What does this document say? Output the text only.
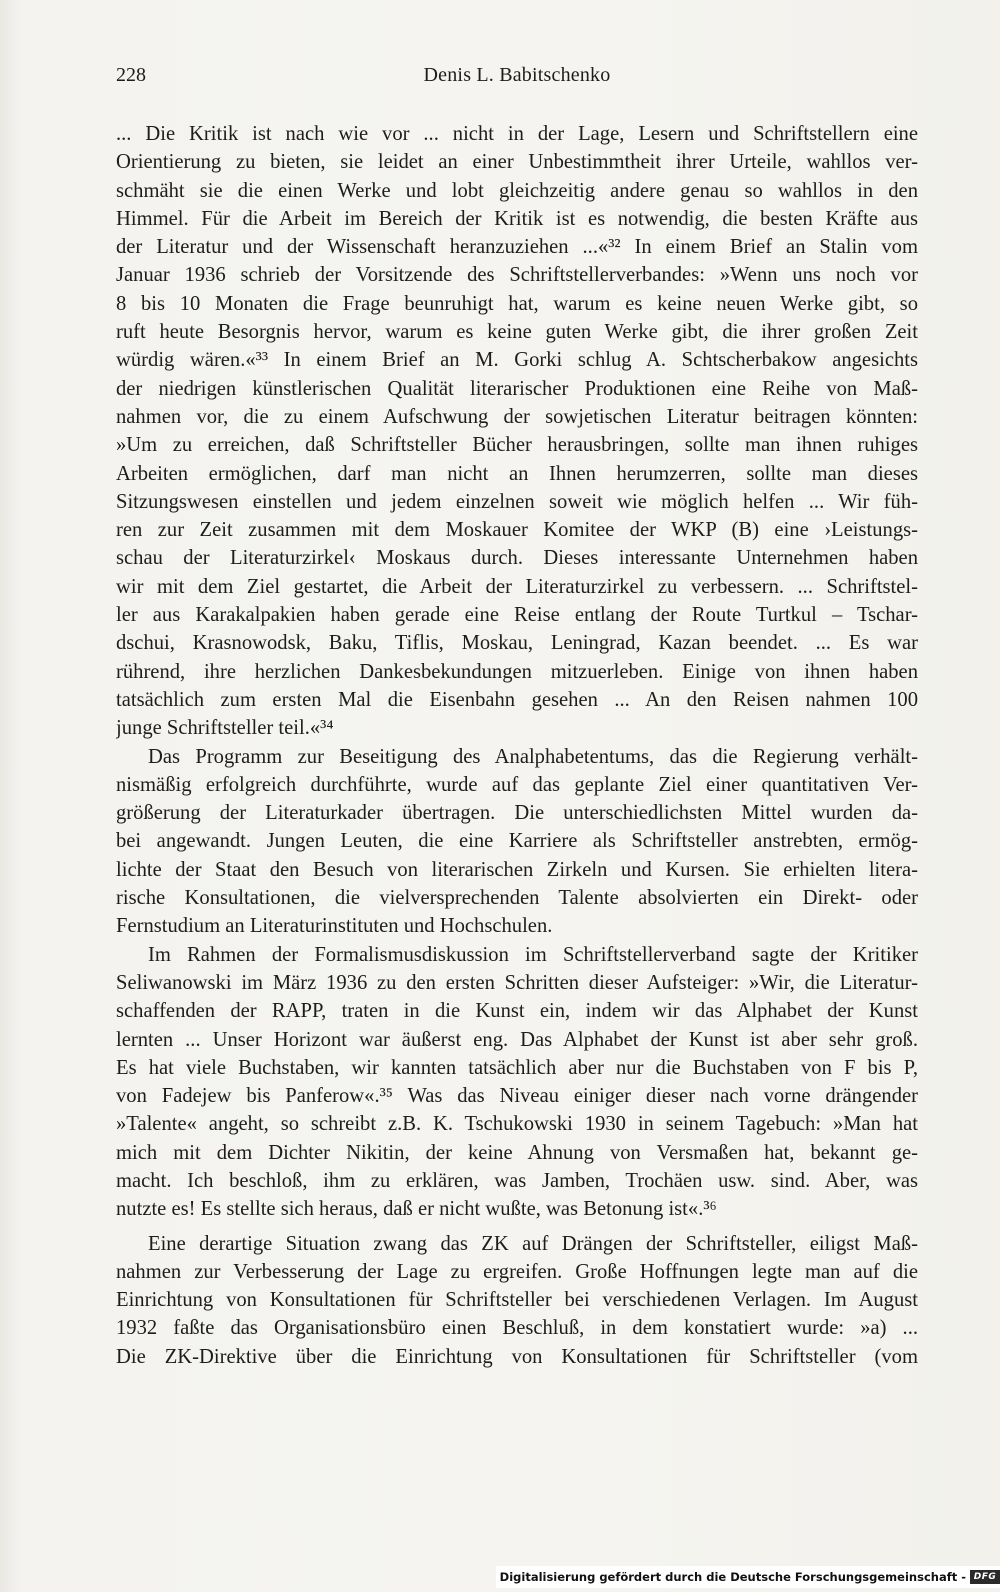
228	Denis L. Babitschenko
... Die Kritik ist nach wie vor ... nicht in der Lage, Lesern und Schriftstellern eine
Orientierung zu bieten, sie leidet an einer Unbestimmtheit ihrer Urteile, wahllos ver-
schmäht sie die einen Werke und lobt gleichzeitig andere genau so wahllos in den
Himmel. Für die Arbeit im Bereich der Kritik ist es notwendig, die besten Kräfte aus
der Literatur und der Wissenschaft heranzuziehen ...«³² In einem Brief an Stalin vom
Januar 1936 schrieb der Vorsitzende des Schriftstellerverbandes: »Wenn uns noch vor
8 bis 10 Monaten die Frage beunruhigt hat, warum es keine neuen Werke gibt, so
ruft heute Besorgnis hervor, warum es keine guten Werke gibt, die ihrer großen Zeit
würdig wären.«³³ In einem Brief an M. Gorki schlug A. Schtscherbakow angesichts
der niedrigen künstlerischen Qualität literarischer Produktionen eine Reihe von Maß-
nahmen vor, die zu einem Aufschwung der sowjetischen Literatur beitragen könnten:
»Um zu erreichen, daß Schriftsteller Bücher herausbringen, sollte man ihnen ruhiges
Arbeiten ermöglichen, darf man nicht an Ihnen herumzerren, sollte man dieses
Sitzungswesen einstellen und jedem einzelnen soweit wie möglich helfen ... Wir füh-
ren zur Zeit zusammen mit dem Moskauer Komitee der WKP (B) eine ›Leistungs-
schau der Literaturzirkel‹ Moskaus durch. Dieses interessante Unternehmen haben
wir mit dem Ziel gestartet, die Arbeit der Literaturzirkel zu verbessern. ... Schriftstel-
ler aus Karakalpakien haben gerade eine Reise entlang der Route Turtkul – Tschar-
dschui, Krasnowodsk, Baku, Tiflis, Moskau, Leningrad, Kazan beendet. ... Es war
rührend, ihre herzlichen Dankesbekundungen mitzuerleben. Einige von ihnen haben
tatsächlich zum ersten Mal die Eisenbahn gesehen ... An den Reisen nahmen 100
junge Schriftsteller teil.«³⁴
Das Programm zur Beseitigung des Analphabetentums, das die Regierung verhält-
nismäßig erfolgreich durchführte, wurde auf das geplante Ziel einer quantitativen Ver-
größerung der Literaturkader übertragen. Die unterschiedlichsten Mittel wurden da-
bei angewandt. Jungen Leuten, die eine Karriere als Schriftsteller anstrebten, ermög-
lichte der Staat den Besuch von literarischen Zirkeln und Kursen. Sie erhielten litera-
rische Konsultationen, die vielversprechenden Talente absolvierten ein Direkt- oder
Fernstudium an Literaturinstituten und Hochschulen.
Im Rahmen der Formalismusdiskussion im Schriftstellerverband sagte der Kritiker
Seliwanowski im März 1936 zu den ersten Schritten dieser Aufsteiger: »Wir, die Literatur-
schaffenden der RAPP, traten in die Kunst ein, indem wir das Alphabet der Kunst
lernten ... Unser Horizont war äußerst eng. Das Alphabet der Kunst ist aber sehr groß.
Es hat viele Buchstaben, wir kannten tatsächlich aber nur die Buchstaben von F bis P,
von Fadejew bis Panferow«.³⁵ Was das Niveau einiger dieser nach vorne drängender
»Talente« angeht, so schreibt z.B. K. Tschukowski 1930 in seinem Tagebuch: »Man hat
mich mit dem Dichter Nikitin, der keine Ahnung von Versmaßen hat, bekannt ge-
macht. Ich beschloß, ihm zu erklären, was Jamben, Trochäen usw. sind. Aber, was
nutzte es! Es stellte sich heraus, daß er nicht wußte, was Betonung ist«.³⁶
Eine derartige Situation zwang das ZK auf Drängen der Schriftsteller, eiligst Maß-
nahmen zur Verbesserung der Lage zu ergreifen. Große Hoffnungen legte man auf die
Einrichtung von Konsultationen für Schriftsteller bei verschiedenen Verlagen. Im August
1932 faßte das Organisationsbüro einen Beschluß, in dem konstatiert wurde: »a) ...
Die ZK-Direktive über die Einrichtung von Konsultationen für Schriftsteller (vom
Digitalisierung gefördert durch die Deutsche Forschungsgemeinschaft - DFG
